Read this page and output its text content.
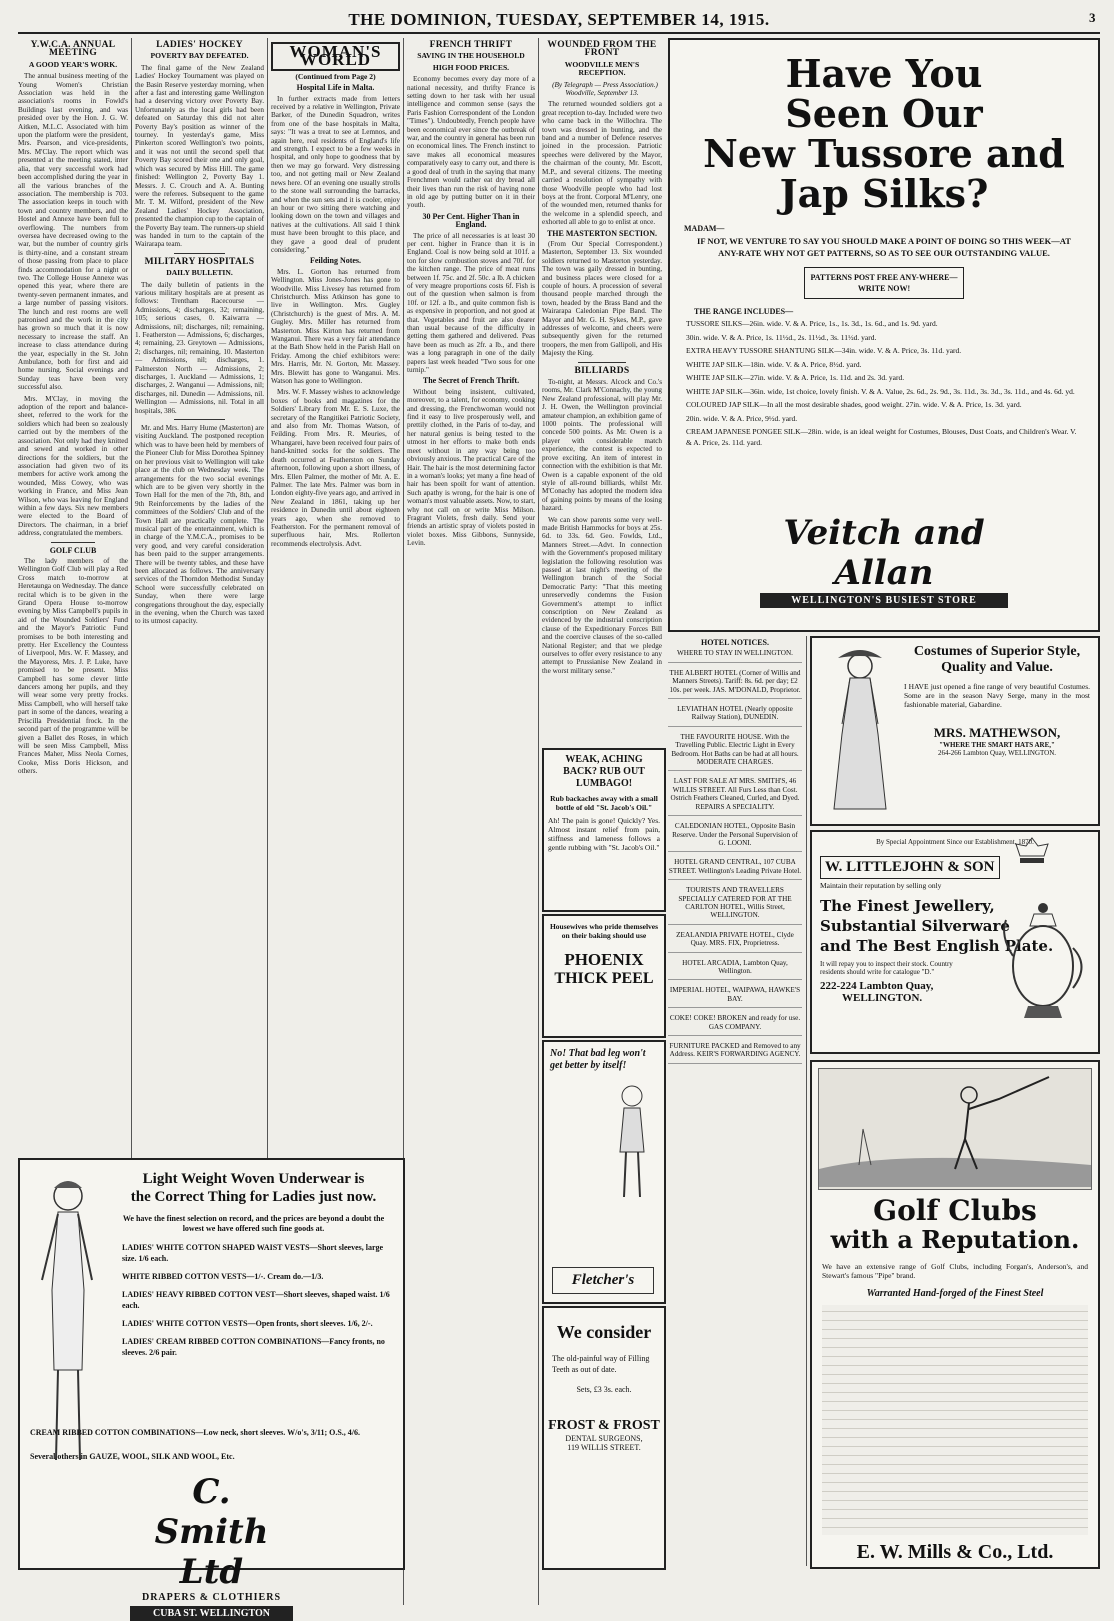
THE DOMINION, TUESDAY, SEPTEMBER 14, 1915.	3
Y.W.C.A. ANNUAL MEETING
A GOOD YEAR'S WORK.

The annual business meeting of the Young Women's Christian Association was held in the association's rooms in Fowld's Buildings last evening, and was presided over by the Hon. J. G. W. Aitken, M.L.C. Associated with him upon the platform were the president, Mrs. Pearson, and vice-presidents, Mrs. M'Clay. The report which was presented at the meeting stated, inter alia, that very successful work had been accomplished during the year in all the various branches of the association. The membership is 703. The association keeps in touch with town and country members, and the Hostel and Annexe have been full to overflowing. The numbers from oversea have decreased owing to the war, but the number of country girls is thirty-nine, and a constant stream of those passing from place to place finds accommodation for a night or two. The College House Annexe was opened this year, where there are twenty-seven permanent inmates, and a large number of passing visitors. The lunch and rest rooms are well patronised and the work in the city has grown so much that it is now necessary to increase the staff. An increase to class attendance during the year, especially in the St. John Ambulance, both for first and aid home nursing. Social evenings and Sunday teas have been very successful also.

Mrs. M'Clay, in moving the adoption of the report and balance-sheet, referred to the work for the soldiers which had been so zealously carried out by the members of the association. Not only had they knitted and sewed and worked in other directions for the soldiers, but the association had given two of its members for active work among the wounded, Miss Cowey, who was working in France, and Miss Jean Wilson, who was leaving for England within a few days. Six new members were elected to the Board of Directors. The chairman, in a brief address, congratulated the members.

GOLF CLUB

The lady members of the Wellington Golf Club will play a Red Cross match to-morrow at Heretaunga on Wednesday. The dance recital which is to be given in the Grand Opera House to-morrow evening by Miss Campbell's pupils in aid of the Wounded Soldiers' Fund and the Mayor's Patriotic Fund promises to be both interesting and pretty. Her Excellency the Countess of Liverpool, Mrs. W. F. Massey, and the Mayoress, Mrs. J. P. Luke, have promised to be present. Miss Campbell has some clever little dancers among her pupils, and they will wear some very pretty frocks. Miss Campbell, who will herself take part in some of the dances, wearing a Priscilla Presidential frock. In the second part of the programme will be given a Ballet des Roses, in which will be seen Miss Campbell, Miss Frances Maher, Miss Neola Cornes, Cooke, Miss Doris Hickson, and others.

LADIES' HOCKEY
POVERTY BAY DEFEATED.

The final game of the New Zealand Ladies' Hockey Tournament was played on the Basin Reserve yesterday morning, when after a fast and interesting game Wellington had a deserving victory over Poverty Bay. Unfortunately as the local girls had been defeated on Saturday this did not alter Poverty Bay's position as winner of the tourney. In yesterday's game, Miss Pinkerton scored Wellington's two points, and it was not until the second spell that Poverty Bay scored their one and only goal, which was secured by Miss Hill. The game finished: Wellington 2, Poverty Bay 1. Messrs. J. C. Crouch and A. A. Bunting were the referees. Subsequent to the game Mr. T. M. Wilford, president of the New Zealand Ladies' Hockey Association, presented the champion cup to the captain of the Poverty Bay team. The runners-up shield was handed in turn to the captain of the Wairarapa team.

MILITARY HOSPITALS
DAILY BULLETIN.

The daily bulletin of patients in the various military hospitals are at present as follows: Trentham Racecourse — Admissions, 4; discharges, 32; remaining, 105; serious cases, 0. Kaiwarra — Admissions, nil; discharges, nil; remaining, 1. Featherston — Admissions, 6; discharges, 4; remaining, 23. Greytown — Admissions, 2; discharges, nil; remaining, 10. Masterton — Admissions, nil; discharges, 1. Palmerston North — Admissions, 2; discharges, 1. Auckland — Admissions, 1; discharges, 2. Wanganui — Admissions, nil; discharges, nil. Dunedin — Admissions, nil. Wellington — Admissions, nil. Total in all hospitals, 386.

Mr. and Mrs. Harry Hume (Masterton) are visiting Auckland. The postponed reception which was to have been held by members of the Pioneer Club for Miss Dorothea Spinney on her previous visit to Wellington will take place at the club on Wednesday week. The arrangements for the two social evenings which are to be given very shortly in the Town Hall for the men of the 7th, 8th, and 9th Reinforcements by the ladies of the committees of the Soldiers' Club and of the Town Hall are practically complete. The musical part of the entertainment, which is in charge of the Y.M.C.A., promises to be very good, and very careful consideration has been paid to the supper arrangements. There will be twenty tables, and these have been allocated as follows. The anniversary services of the Thorndon Methodist Sunday School were successfully celebrated on Sunday, when there were large congregations throughout the day, especially in the evening, when the Church was taxed to its utmost capacity.

WOMAN'S WORLD
(Continued from Page 2)
Hospital Life in Malta.

In further extracts made from letters received by a relative in Wellington, Private Barker, of the Dunedin Squadron, writes from one of the base hospitals in Malta, says: "It was a treat to see at Lemnos, and again here, real residents of England's life and strength. I expect to be a few weeks in hospital, and only hope to goodness that by then we may go forward. Very distressing too, and not getting mail or New Zealand news here. Of an evening one usually strolls to the stone wall surrounding the barracks, and when the sun sets and it is cooler, enjoy an hour or two sitting there watching and looking down on the town and villages and natives at the cultivations. All said I think must have been brought to this place, and they gave a good deal of prudent considering."

Feilding Notes.

Mrs. L. Gorton has returned from Wellington. Miss Jones-Jones has gone to Woodville. Miss Livesey has returned from Christchurch. Miss Atkinson has gone to live in Wellington. Mrs. Gugley (Christchurch) is the guest of Mrs. A. M. Gugley. Mrs. Miller has returned from Masterton. Miss Kirton has returned from Wanganui. There was a very fair attendance at the Bath Show held in the Parish Hall on Friday. Among the chief exhibitors were: Mrs. Harris, Mr. N. Gorton, Mr. Massey. Mrs. Blewitt has gone to Wanganui. Mrs. Watson has gone to Wellington.

Mrs. W. F. Massey wishes to acknowledge boxes of books and magazines for the Soldiers' Library from Mr. E. S. Luxe, the secretary of the Rangitikei Patriotic Society, and also from Mr. Thomas Watson, of Feilding. From Mrs. R. Meuries, of Whangarei, have been received four pairs of hand-knitted socks for the soldiers. The death occurred at Featherston on Sunday afternoon, following upon a short illness, of Mrs. Ellen Palmer, the mother of Mr. A. E. Palmer. The late Mrs. Palmer was born in London eighty-five years ago, and arrived in New Zealand in 1861, taking up her residence in Dunedin until about eighteen years ago, when she removed to Featherston. For the permanent removal of superfluous hair, Mrs. Rollerton recommends electrolysis. Advt.

FRENCH THRIFT
SAVING IN THE HOUSEHOLD
HIGH FOOD PRICES.

Economy becomes every day more of a national necessity, and thrifty France is setting down to her task with her usual intelligence and common sense (says the Paris Fashion Correspondent of the London "Times"). Undoubtedly, French people have been economical ever since the outbreak of war, and the country in general has been run on economical lines. The French instinct to save makes all economical measures comparatively easy to carry out, and there is a good deal of truth in the saying that many Frenchmen would rather eat dry bread all their lives than run the risk of having none in old age by putting butter on it in their youth.

30 Per Cent. Higher Than in England.

The price of all necessaries is at least 30 per cent. higher in France than it is in England. Coal is now being sold at 101f. a ton for slow combustion stoves and 70f. for the kitchen range. The price of meat runs between 1f. 75c. and 2f. 50c. a lb. A chicken of very meagre proportions costs 6f. Fish is out of the question when salmon is from 10f. or 12f. a lb., and quite common fish is as expensive in proportion, and not good at that. Vegetables and fruit are also dearer than usual because of the difficulty in getting them gathered and delivered. Peas have been as much as 2fr. a lb., and there was a long paragraph in one of the daily papers last week headed "Two sous for one turnip."

The Secret of French Thrift.

Without being insistent, cultivated, moreover, to a talent, for economy, cooking and dressing, the Frenchwoman would not find it easy to live prosperously well, and prettily clothed, in the Paris of to-day, and her natural genius is being tested to the utmost in her efforts to make both ends meet without in any way being too obviously anxious. The practical Care of the Hair. The hair is the most determining factor in a woman's looks; yet many a fine head of hair has been spoilt for want of attention. Such apathy is wrong, for the hair is one of woman's most valuable assets. Now, to start, why not call on or write Miss Milson. Fragrant Violets, fresh daily. Send your friends an artistic spray of violets posted in violet boxes. Miss Gibbons, Sunnyside, Levin.

WOUNDED FROM THE FRONT
WOODVILLE MEN'S RECEPTION.

(By Telegraph — Press Association.) Woodville, September 13.

The returned wounded soldiers got a great reception to-day. Included were two who came back in the Willochra. The town was dressed in bunting, and the band and a number of Defence reserves joined in the procession. Patriotic speeches were delivered by the Mayor, the chairman of the county, Mr. Escott, M.P., and several citizens. The meeting carried a resolution of sympathy with those Woodville people who had lost boys at the front. Corporal M'Lenry, one of the wounded men, returned thanks for the welcome in a splendid speech, and exhorted all able to go to enlist at once.

THE MASTERTON SECTION.

(From Our Special Correspondent.) Masterton, September 13. Six wounded soldiers returned to Masterton yesterday. The town was gaily dressed in bunting, and business places were closed for a couple of hours. A procession of several thousand people marched through the town, headed by the Brass Band and the Wairarapa Caledonian Pipe Band. The Mayor and Mr. G. H. Sykes, M.P., gave addresses of welcome, and cheers were subsequently given for the returned troopers, the men from Gallipoli, and His Majesty the King.

BILLIARDS

To-night, at Messrs. Alcock and Co.'s rooms, Mr. Clark M'Connachy, the young New Zealand professional, will play Mr. J. H. Owen, the Wellington provincial amateur champion, an exhibition game of 1000 points. The professional will concede 500 points. As Mr. Owen is a player with considerable match experience, the contest is expected to prove exciting. An item of interest in connection with the exhibition is that Mr. Owen is a capable exponent of the old style of all-round billiards, whilst Mr. M'Conachy has adopted the modern idea of gaining points by means of the losing hazard.

We can show parents some very well-made British Hammocks for boys at 25s. 6d. to 33s. 6d. Geo. Fowlds, Ltd., Manners Street.—Advt. In connection with the Government's proposed military legislation the following resolution was passed at last night's meeting of the Wellington branch of the Social Democratic Party: "That this meeting unreservedly condemns the Fusion Government's attempt to inflict conscription on New Zealand as evidenced by the industrial conscription clause of the Expeditionary Forces Bill and the coercive clauses of the so-called National Register; and that we pledge ourselves to offer every resistance to any attempt to Prussianise New Zealand in the worst military sense."

Have You
Seen Our
New Tussore and
Jap Silks?
MADAM—
IF NOT, WE VENTURE TO SAY YOU SHOULD MAKE A POINT OF DOING SO THIS WEEK—AT ANY-RATE WHY NOT GET PATTERNS, SO AS TO SEE OUR OUTSTANDING VALUE.
PATTERNS POST FREE ANY-WHERE—WRITE NOW!
THE RANGE INCLUDES—
TUSSORE SILKS—26in. wide. V. & A. Price, 1s., 1s. 3d., 1s. 6d., and 1s. 9d. yard.
30in. wide. V. & A. Price, 1s. 11½d., 2s. 11½d., 3s. 11½d. yard.
EXTRA HEAVY TUSSORE SHANTUNG SILK—34in. wide. V. & A. Price, 3s. 11d. yard.
WHITE JAP SILK—18in. wide. V. & A. Price, 8½d. yard.
WHITE JAP SILK—27in. wide. V. & A. Price, 1s. 11d. and 2s. 3d. yard.
WHITE JAP SILK—36in. wide, 1st choice, lovely finish. V. & A. Value, 2s. 6d., 2s. 9d., 3s. 11d., 3s. 3d., 3s. 11d., and 4s. 6d. yd.
COLOURED JAP SILK—In all the most desirable shades, good weight. 27in. wide. V. & A. Price, 1s. 3d. yard.
20in. wide. V. & A. Price, 9½d. yard.
CREAM JAPANESE PONGEE SILK—28in. wide, is an ideal weight for Costumes, Blouses, Dust Coats, and Children's Wear. V. & A. Price, 2s. 11d. yard.
Veitch and Allan
WELLINGTON'S BUSIEST STORE
HOTEL NOTICES.
WHERE TO STAY IN WELLINGTON.
THE ALBERT HOTEL (Corner of Willis and Manners Streets). Tariff: 8s. 6d. per day; £2 10s. per week. JAS. M'DONALD, Proprietor.
LEVIATHAN HOTEL (Nearly opposite Railway Station), DUNEDIN.
THE FAVOURITE HOUSE. With the Travelling Public. Electric Light in Every Bedroom. Hot Baths can be had at all hours. MODERATE CHARGES.
LAST FOR SALE AT MRS. SMITH'S, 46 WILLIS STREET. All Furs Less than Cost. Ostrich Feathers Cleaned, Curled, and Dyed. REPAIRS A SPECIALITY.
CALEDONIAN HOTEL, Opposite Basin Reserve. Under the Personal Supervision of G. LOONI.
HOTEL GRAND CENTRAL, 107 CUBA STREET. Wellington's Leading Private Hotel.
TOURISTS AND TRAVELLERS SPECIALLY CATERED FOR AT THE CARLTON HOTEL, Willis Street, WELLINGTON.
ZEALANDIA PRIVATE HOTEL, Clyde Quay. MRS. FIX, Proprietress.
HOTEL ARCADIA, Lambton Quay, Wellington.
IMPERIAL HOTEL, WAIPAWA, HAWKE'S BAY.
COKE! COKE! BROKEN and ready for use. GAS COMPANY.
FURNITURE PACKED and Removed to any Address. KEIR'S FORWARDING AGENCY.
Costumes of Superior Style, Quality and Value.
I HAVE just opened a fine range of very beautiful Costumes. Some are in the season Navy Serge, many in the most fashionable material, Gabardine.
MRS. MATHEWSON,
"WHERE THE SMART HATS ARE,"
264-266 Lambton Quay, WELLINGTON.
By Special Appointment Since our Establishment, 1870.
W. LITTLEJOHN & SON
Maintain their reputation by selling only
The Finest Jewellery,
Substantial Silverware
and The Best English Plate.
It will repay you to inspect their stock. Country residents should write for catalogue "D."
222-224 Lambton Quay,
WELLINGTON.
Golf Clubs
with a Reputation.
We have an extensive range of Golf Clubs, including Forgan's, Anderson's, and Stewart's famous "Pipe" brand.
Warranted Hand-forged of the Finest Steel
E. W. Mills & Co., Ltd.
Light Weight Woven Underwear is
the Correct Thing for Ladies just now.
We have the finest selection on record, and the prices are beyond a doubt the lowest we have offered such fine goods at.
LADIES' WHITE COTTON SHAPED WAIST VESTS—Short sleeves, large size. 1/6 each.
WHITE RIBBED COTTON VESTS—1/-. Cream do.—1/3.
LADIES' HEAVY RIBBED COTTON VEST—Short sleeves, shaped waist. 1/6 each.
LADIES' WHITE COTTON VESTS—Open fronts, short sleeves. 1/6, 2/-.
LADIES' CREAM RIBBED COTTON COMBINATIONS—Fancy fronts, no sleeves. 2/6 pair.
CREAM RIBBED COTTON COMBINATIONS—Low neck, short sleeves. W/o's, 3/11; O.S., 4/6.
Several others in GAUZE, WOOL, SILK AND WOOL, Etc.
C. Smith Ltd
DRAPERS & CLOTHIERS
CUBA ST. WELLINGTON
WEAK, ACHING BACK? RUB OUT LUMBAGO!
Rub backaches away with a small bottle of old "St. Jacob's Oil."
Ah! The pain is gone! Quickly? Yes. Almost instant relief from pain, stiffness and lameness follows a gentle rubbing with "St. Jacob's Oil."
Housewives who pride themselves on their baking should use
PHOENIX
THICK PEEL
No! That bad leg won't get better by itself!
Fletcher's
We consider
The old-painful way of Filling Teeth as out of date.
Sets, £3 3s. each.
FROST & FROST
DENTAL SURGEONS,
119 WILLIS STREET.
